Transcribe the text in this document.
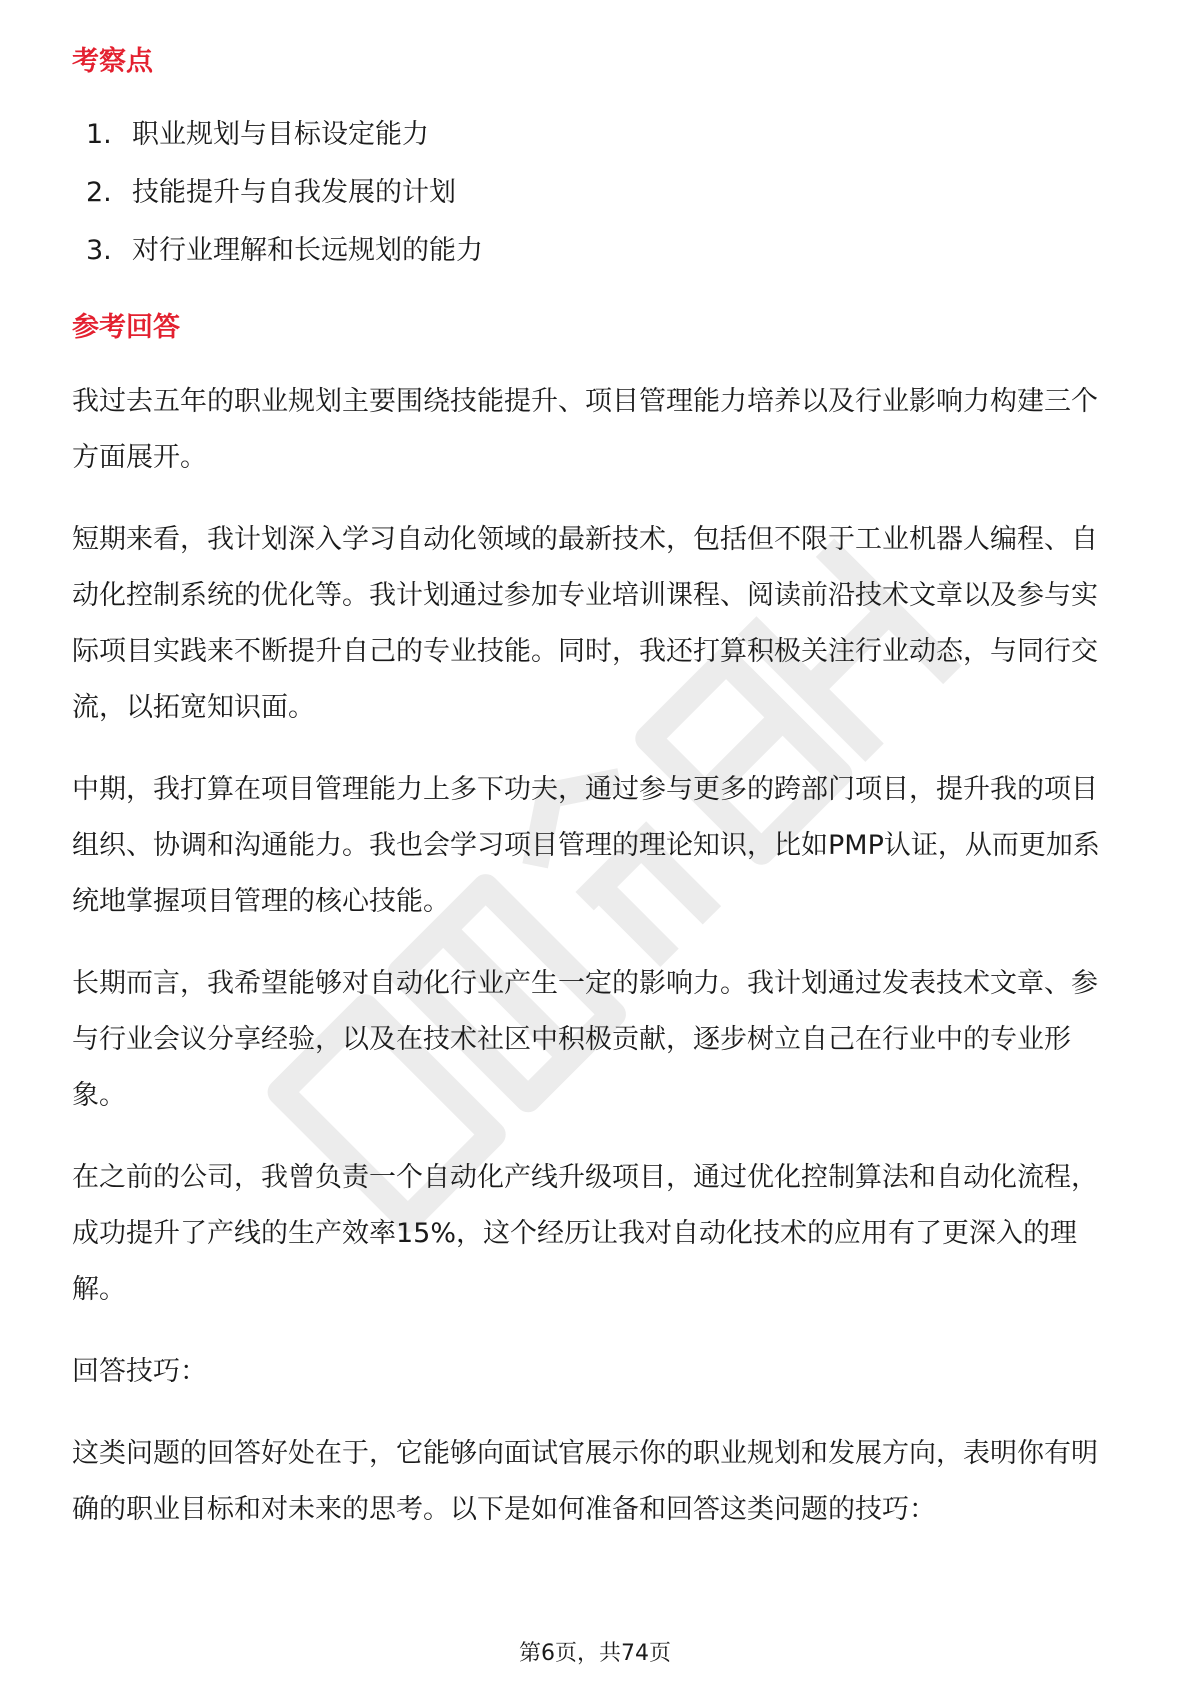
考察点
1. 职业规划与目标设定能力
2. 技能提升与自我发展的计划
3. 对行业理解和长远规划的能力
参考回答

我过去五年的职业规划主要围绕技能提升、项目管理能力培养以及行业影响力构建三个方面展开。

短期来看，我计划深入学习自动化领域的最新技术，包括但不限于工业机器人编程、自动化控制系统的优化等。我计划通过参加专业培训课程、阅读前沿技术文章以及参与实际项目实践来不断提升自己的专业技能。同时，我还打算积极关注行业动态，与同行交流，以拓宽知识面。

中期，我打算在项目管理能力上多下功夫，通过参与更多的跨部门项目，提升我的项目组织、协调和沟通能力。我也会学习项目管理的理论知识，比如PMP认证，从而更加系统地掌握项目管理的核心技能。

长期而言，我希望能够对自动化行业产生一定的影响力。我计划通过发表技术文章、参与行业会议分享经验，以及在技术社区中积极贡献，逐步树立自己在行业中的专业形象。

在之前的公司，我曾负责一个自动化产线升级项目，通过优化控制算法和自动化流程，成功提升了产线的生产效率15%，这个经历让我对自动化技术的应用有了更深入的理解。

回答技巧：

这类问题的回答好处在于，它能够向面试官展示你的职业规划和发展方向，表明你有明确的职业目标和对未来的思考。以下是如何准备和回答这类问题的技巧：

第6页，共74页
